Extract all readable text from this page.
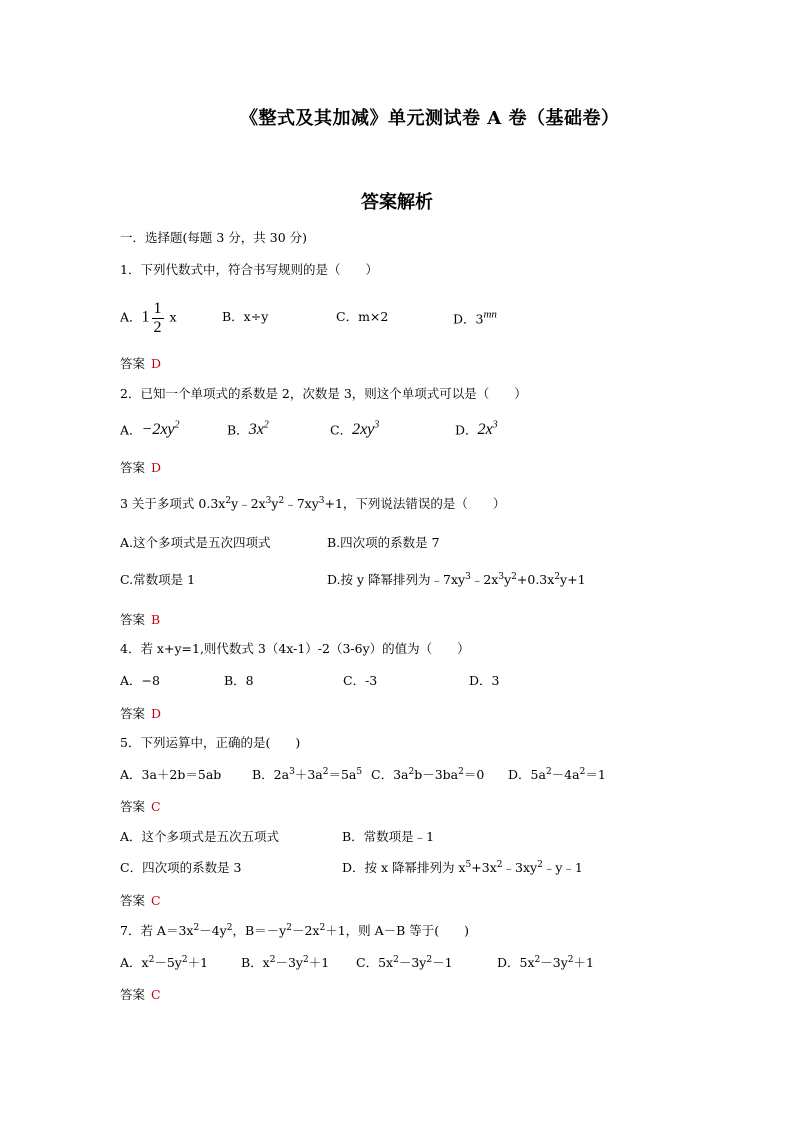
《整式及其加减》单元测试卷 A 卷（基础卷）
答案解析
一．选择题(每题 3 分，共 30 分)
1．下列代数式中，符合书写规则的是（　　）
A．$1 \frac{1}{2}$ x	B．x÷y	C．m×2	D．$3^{mn}$
答案 D
2．已知一个单项式的系数是 2，次数是 3，则这个单项式可以是（　　）
A．$-2xy^2$	B．$3x^2$	C．$2xy^3$	D．$2x^3$
答案 D
3 关于多项式 $0.3x^2y﹣2x^3y^2﹣7xy^3+1$，下列说法错误的是（　　）
A.这个多项式是五次四项式	B.四次项的系数是 7
C.常数项是 1	D.按 y 降幂排列为$﹣7xy^3﹣2x^3y^2+0.3x^2y+1$
答案 B
4．若 x+y=1,则代数式 3（4x-1）-2（3-6y）的值为（　　）
A．−8	B．8	C．-3	D．3
答案 D
5．下列运算中，正确的是(　　)
A．3a＋2b＝5ab B．$2a^3+3a^2=5a^5$ C．$3a^2b-3ba^2=0$ D．$5a^2-4a^2=1$
答案 C
A．这个多项式是五次五项式	B．常数项是﹣1
C．四次项的系数是 3	D．按 x 降幂排列为 $x^5+3x^2﹣3xy^2﹣y﹣1$
答案 C
7．若 $A=3x^2-4y^2$，$B=-y^2-2x^2+1$，则 A－B 等于(　　)
A．$x^2-5y^2+1$	B．$x^2-3y^2+1$ C．$5x^2-3y^2-1$	D．$5x^2-3y^2+1$
答案 C
